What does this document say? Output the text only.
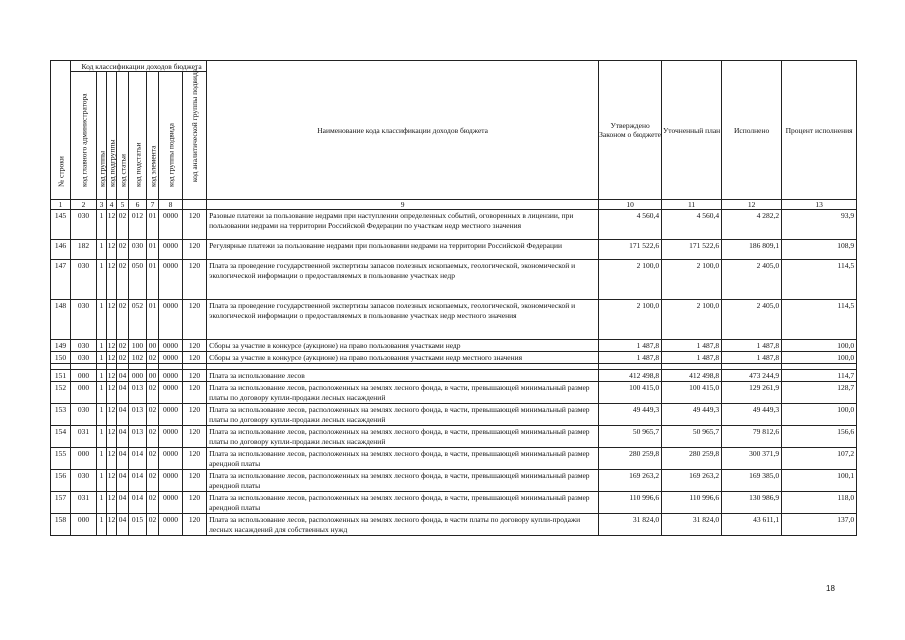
№ строки	Код классификации доходов бюджета								Наименование кода классификации доходов бюджета	Утверждено Законом о бюджете	Уточненный план	Исполнено	Процент исполнения

	код главного администратора	код группы	код подгруппы	код статьи	код подстатьи	код элемента	код группы подвида	код аналитической группы подвида					

1	2	3	4	5	6	7	8		9	10	11	12	13
145	030	1	12	02	012	01	0000	120	Разовые платежи за пользование недрами при наступлении определенных событий, оговоренных в лицензии, при пользовании недрами на территории Российской Федерации по участкам недр местного значения	4 560,4	4 560,4	4 282,2	93,9
146	182	1	12	02	030	01	0000	120	Регулярные платежи за пользование недрами при пользовании недрами на территории Российской Федерации	171 522,6	171 522,6	186 809,1	108,9
147	030	1	12	02	050	01	0000	120	Плата за проведение государственной экспертизы запасов полезных ископаемых, геологической, экономической и экологической информации о предоставляемых в пользование участках недр	2 100,0	2 100,0	2 405,0	114,5
148	030	1	12	02	052	01	0000	120	Плата за проведение государственной экспертизы запасов полезных ископаемых, геологической, экономической и экологической информации о предоставляемых в пользование участках недр местного значения	2 100,0	2 100,0	2 405,0	114,5
149	030	1	12	02	100	00	0000	120	Сборы за участие в конкурсе (аукционе) на право пользования участками недр	1 487,8	1 487,8	1 487,8	100,0
150	030	1	12	02	102	02	0000	120	Сборы за участие в конкурсе (аукционе) на право пользования участками недр местного значения	1 487,8	1 487,8	1 487,8	100,0

151	000	1	12	04	000	00	0000	120	Плата за использование лесов	412 498,8	412 498,8	473 244,9	114,7
152	000	1	12	04	013	02	0000	120	Плата за использование лесов, расположенных на землях лесного фонда, в части, превышающей минимальный размер платы по договору купли-продажи лесных насаждений	100 415,0	100 415,0	129 261,9	128,7
153	030	1	12	04	013	02	0000	120	Плата за использование лесов, расположенных на землях лесного фонда, в части, превышающей минимальный размер платы по договору купли-продажи лесных насаждений	49 449,3	49 449,3	49 449,3	100,0
154	031	1	12	04	013	02	0000	120	Плата за использование лесов, расположенных на землях лесного фонда, в части, превышающей минимальный размер платы по договору купли-продажи лесных насаждений	50 965,7	50 965,7	79 812,6	156,6
155	000	1	12	04	014	02	0000	120	Плата за использование лесов, расположенных на землях лесного фонда, в части, превышающей минимальный размер арендной платы	280 259,8	280 259,8	300 371,9	107,2
156	030	1	12	04	014	02	0000	120	Плата за использование лесов, расположенных на землях лесного фонда, в части, превышающей минимальный размер арендной платы	169 263,2	169 263,2	169 385,0	100,1
157	031	1	12	04	014	02	0000	120	Плата за использование лесов, расположенных на землях лесного фонда, в части, превышающей минимальный размер арендной платы	110 996,6	110 996,6	130 986,9	118,0
158	000	1	12	04	015	02	0000	120	Плата за использование лесов, расположенных на землях лесного фонда, в части платы по договору купли-продажи лесных насаждений для собственных нужд	31 824,0	31 824,0	43 611,1	137,0
18
